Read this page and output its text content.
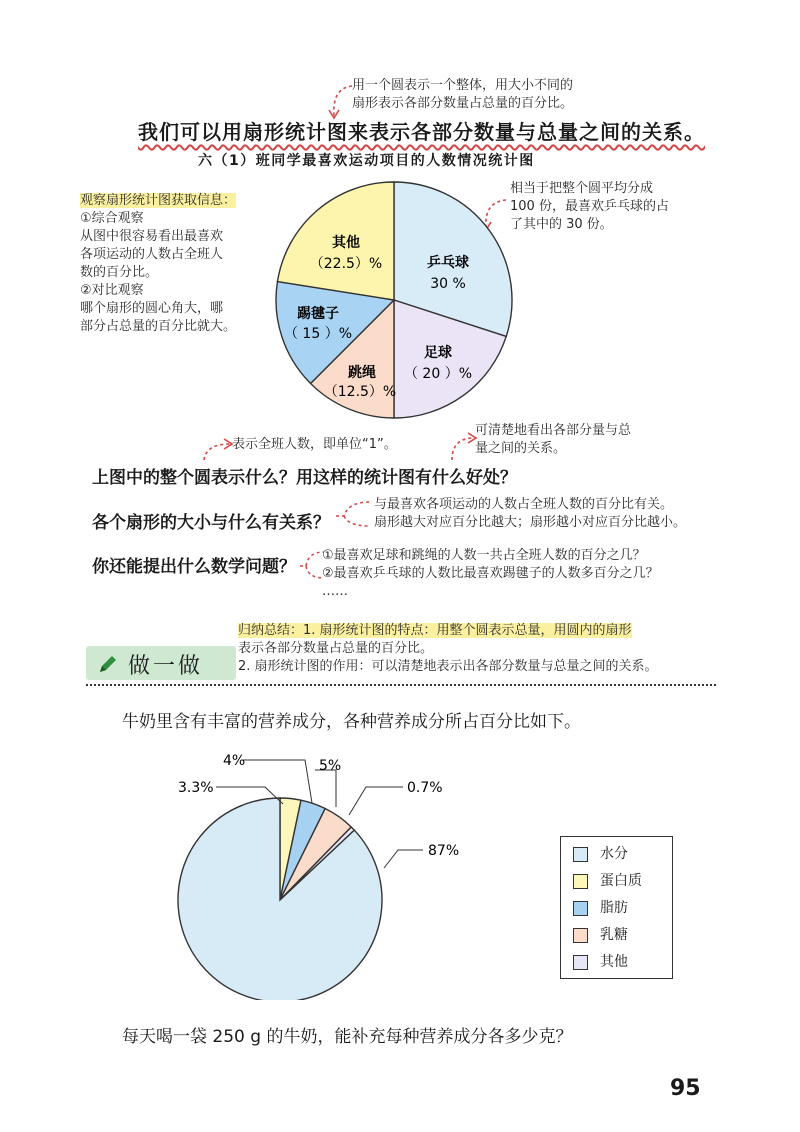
用一个圆表示一个整体，用大小不同的
扇形表示各部分数量占总量的百分比。
我们可以用扇形统计图来表示各部分数量与总量之间的关系。
六（1）班同学最喜欢运动项目的人数情况统计图
观察扇形统计图获取信息：
①综合观察
从图中很容易看出最喜欢
各项运动的人数占全班人
数的百分比。
②对比观察
哪个扇形的圆心角大，哪
部分占总量的百分比就大。
相当于把整个圆平均分成
100 份，最喜欢乒乓球的占
了其中的 30 份。
乒乓球
30 %
足球
（ 20 ）%
跳绳
（12.5）%
踢毽子
（ 15 ）%
其他
（22.5）%
表示全班人数，即单位“1”。
可清楚地看出各部分量与总
量之间的关系。
上图中的整个圆表示什么？用这样的统计图有什么好处？
各个扇形的大小与什么有关系？
与最喜欢各项运动的人数占全班人数的百分比有关。
扇形越大对应百分比越大；扇形越小对应百分比越小。
你还能提出什么数学问题？
①最喜欢足球和跳绳的人数一共占全班人数的百分之几？
②最喜欢乒乓球的人数比最喜欢踢毽子的人数多百分之几？
……
归纳总结：1. 扇形统计图的特点：用整个圆表示总量，用圆内的扇形
表示各部分数量占总量的百分比。
2. 扇形统计图的作用：可以清楚地表示出各部分数量与总量之间的关系。
做一做
牛奶里含有丰富的营养成分，各种营养成分所占百分比如下。
3.3%
4%	5%
0.7%
87%	水分
蛋白质
脂肪
乳糖
其他
每天喝一袋 250 g 的牛奶，能补充每种营养成分各多少克？
95
